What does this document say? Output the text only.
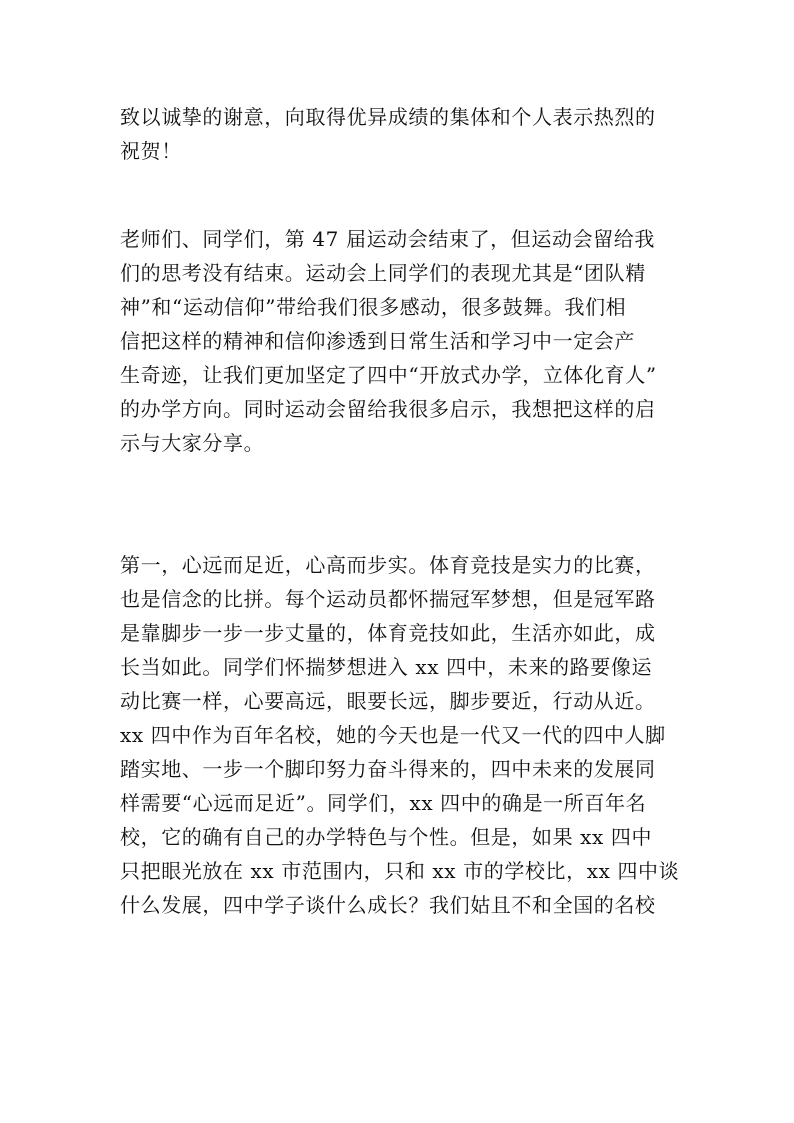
致以诚挚的谢意，向取得优异成绩的集体和个人表示热烈的
祝贺！
老师们、同学们，第 47 届运动会结束了，但运动会留给我
们的思考没有结束。运动会上同学们的表现尤其是“团队精
神”和“运动信仰”带给我们很多感动，很多鼓舞。我们相
信把这样的精神和信仰渗透到日常生活和学习中一定会产
生奇迹，让我们更加坚定了四中“开放式办学，立体化育人”
的办学方向。同时运动会留给我很多启示，我想把这样的启
示与大家分享。
第一，心远而足近，心高而步实。体育竞技是实力的比赛，
也是信念的比拼。每个运动员都怀揣冠军梦想，但是冠军路
是靠脚步一步一步丈量的，体育竞技如此，生活亦如此，成
长当如此。同学们怀揣梦想进入 xx 四中，未来的路要像运
动比赛一样，心要高远，眼要长远，脚步要近，行动从近。
xx 四中作为百年名校，她的今天也是一代又一代的四中人脚
踏实地、一步一个脚印努力奋斗得来的，四中未来的发展同
样需要“心远而足近”。同学们，xx 四中的确是一所百年名
校，它的确有自己的办学特色与个性。但是，如果 xx 四中
只把眼光放在 xx 市范围内，只和 xx 市的学校比，xx 四中谈
什么发展，四中学子谈什么成长？我们姑且不和全国的名校
